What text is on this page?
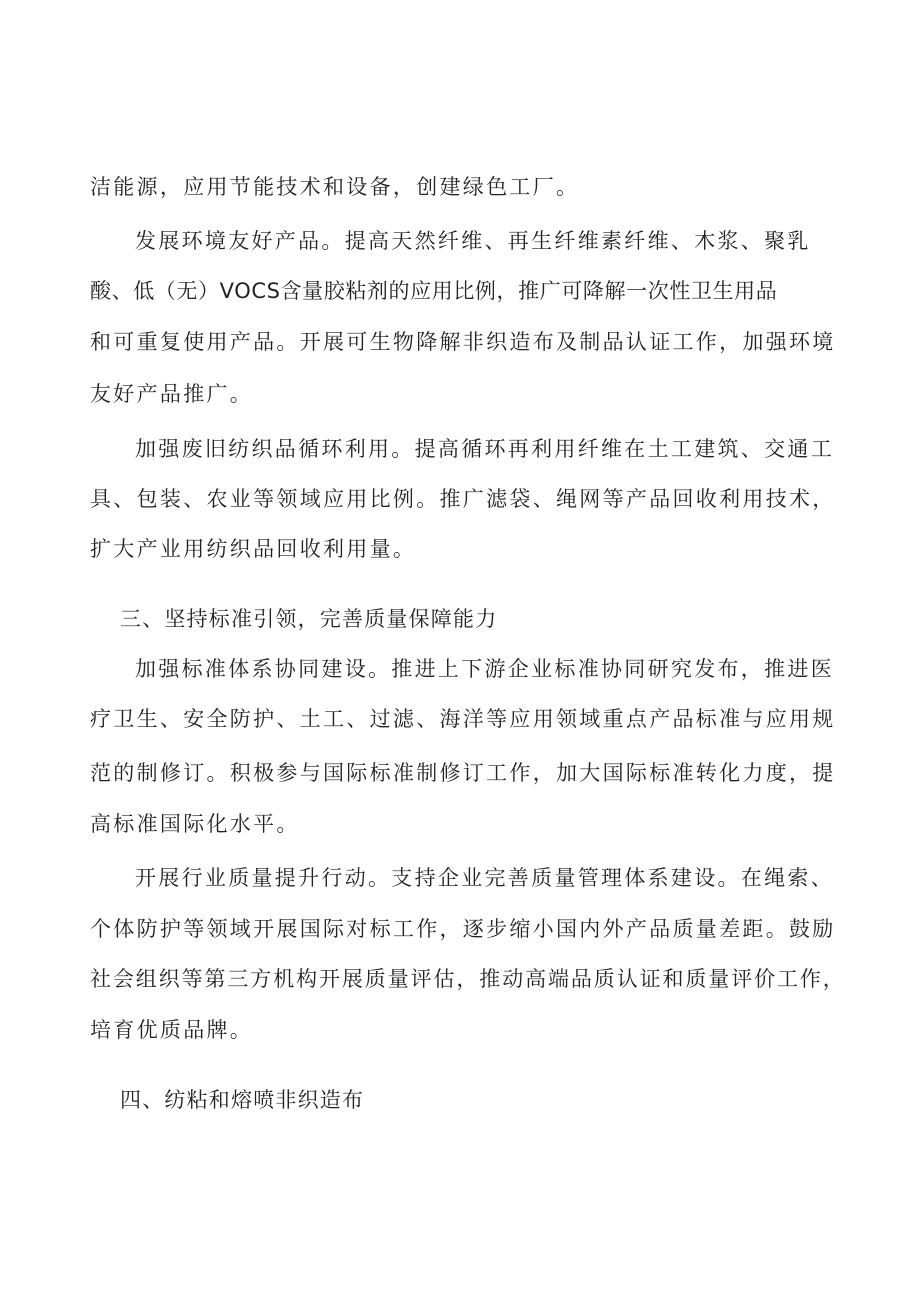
洁能源，应用节能技术和设备，创建绿色工厂。
发展环境友好产品。提高天然纤维、再生纤维素纤维、木浆、聚乳
酸、低（无）VOCS含量胶粘剂的应用比例，推广可降解一次性卫生用品
和可重复使用产品。开展可生物降解非织造布及制品认证工作，加强环境
友好产品推广。
加强废旧纺织品循环利用。提高循环再利用纤维在土工建筑、交通工
具、包装、农业等领域应用比例。推广滤袋、绳网等产品回收利用技术，
扩大产业用纺织品回收利用量。
三、坚持标准引领，完善质量保障能力
加强标准体系协同建设。推进上下游企业标准协同研究发布，推进医
疗卫生、安全防护、土工、过滤、海洋等应用领域重点产品标准与应用规
范的制修订。积极参与国际标准制修订工作，加大国际标准转化力度，提
高标准国际化水平。
开展行业质量提升行动。支持企业完善质量管理体系建设。在绳索、
个体防护等领域开展国际对标工作，逐步缩小国内外产品质量差距。鼓励
社会组织等第三方机构开展质量评估，推动高端品质认证和质量评价工作，
培育优质品牌。
四、纺粘和熔喷非织造布
